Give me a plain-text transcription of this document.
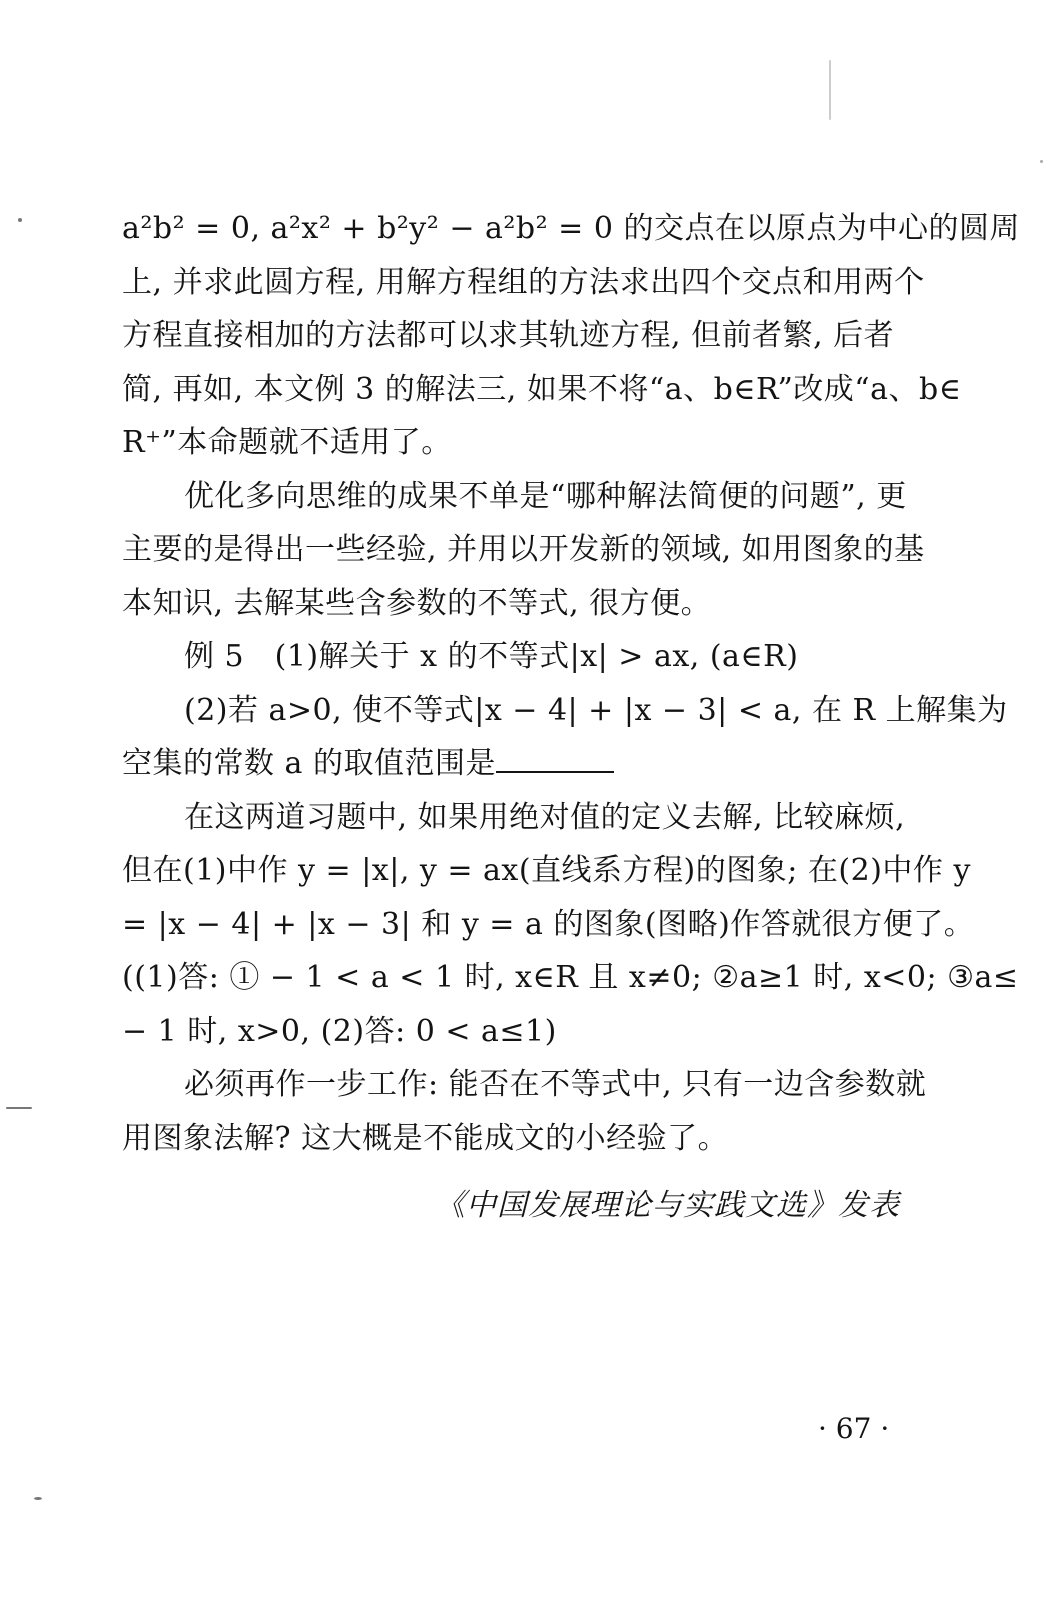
a²b² = 0, a²x² + b²y² − a²b² = 0 的交点在以原点为中心的圆周
上, 并求此圆方程, 用解方程组的方法求出四个交点和用两个
方程直接相加的方法都可以求其轨迹方程, 但前者繁, 后者
简, 再如, 本文例 3 的解法三, 如果不将“a、b∈R”改成“a、b∈
R⁺”本命题就不适用了。
优化多向思维的成果不单是“哪种解法简便的问题”, 更
主要的是得出一些经验, 并用以开发新的领域, 如用图象的基
本知识, 去解某些含参数的不等式, 很方便。
例 5　(1)解关于 x 的不等式|x| > ax, (a∈R)
(2)若 a>0, 使不等式|x − 4| + |x − 3| < a, 在 R 上解集为
空集的常数 a 的取值范围是
在这两道习题中, 如果用绝对值的定义去解, 比较麻烦,
但在(1)中作 y = |x|, y = ax(直线系方程)的图象; 在(2)中作 y
= |x − 4| + |x − 3| 和 y = a 的图象(图略)作答就很方便了。
((1)答: ① − 1 < a < 1 时, x∈R 且 x≠0; ②a≥1 时, x<0; ③a≤
− 1 时, x>0, (2)答: 0 < a≤1)
必须再作一步工作: 能否在不等式中, 只有一边含参数就
用图象法解? 这大概是不能成文的小经验了。
《中国发展理论与实践文选》发表
· 67 ·
